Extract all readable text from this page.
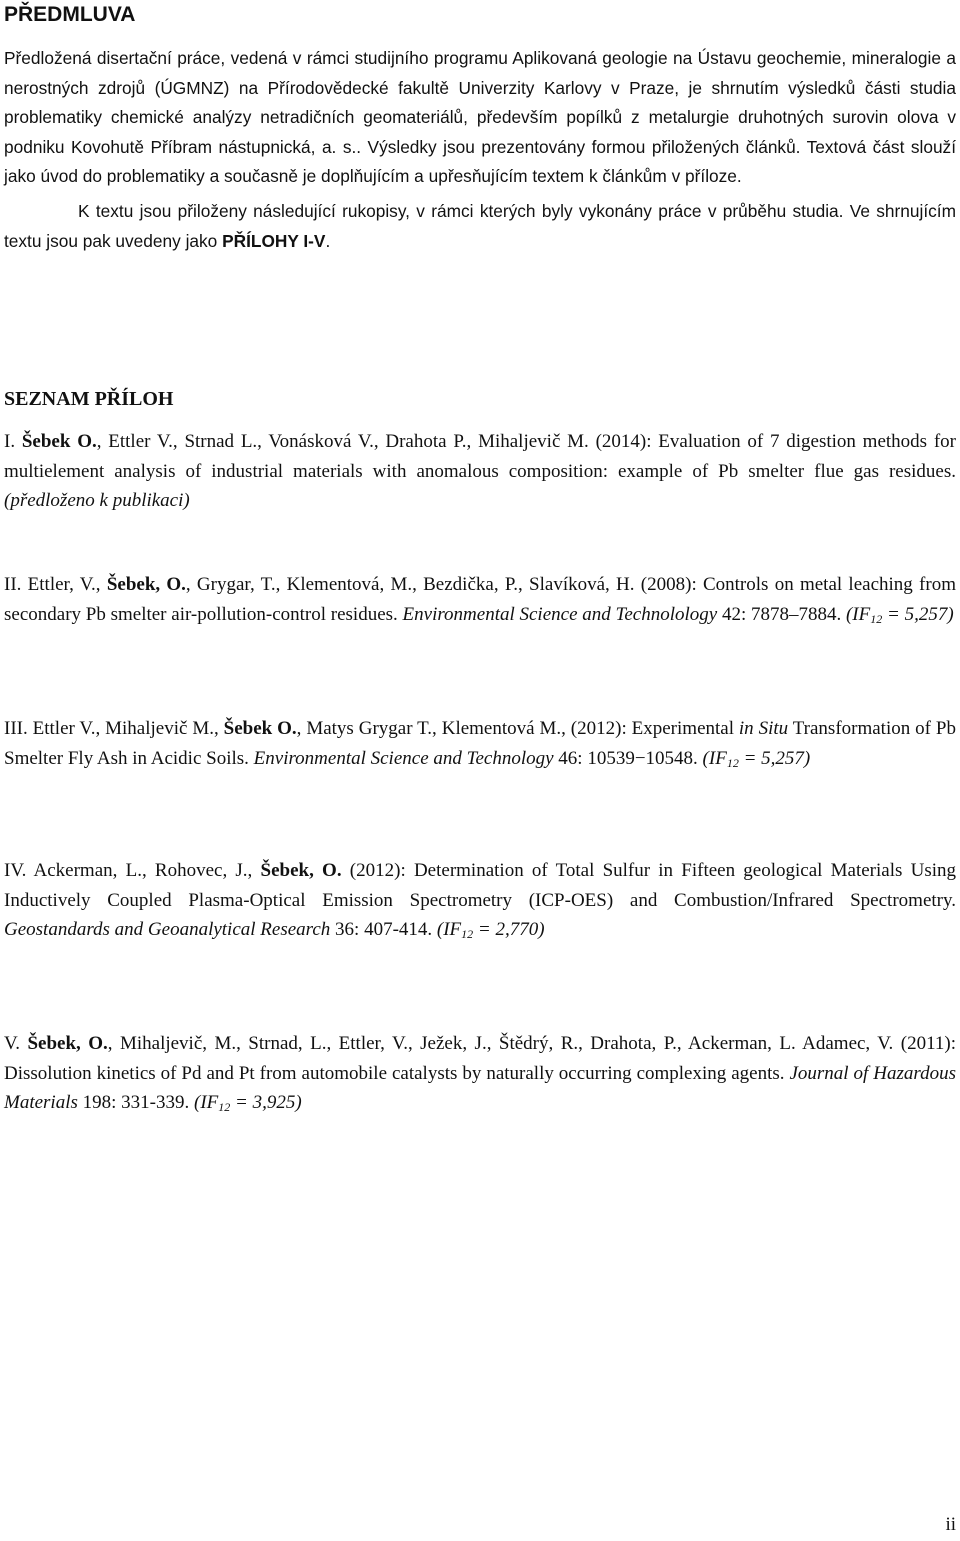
PŘEDMLUVA

Předložená disertační práce, vedená v rámci studijního programu Aplikovaná geologie na Ústavu geochemie, mineralogie a nerostných zdrojů (ÚGMNZ) na Přírodovědecké fakultě Univerzity Karlovy v Praze, je shrnutím výsledků části studia problematiky chemické analýzy netradičních geomateriálů, především popílků z metalurgie druhotných surovin olova v podniku Kovohutě Příbram nástupnická, a. s.. Výsledky jsou prezentovány formou přiložených článků. Textová část slouží jako úvod do problematiky a současně je doplňujícím a upřesňujícím textem k článkům v příloze.

K textu jsou přiloženy následující rukopisy, v rámci kterých byly vykonány práce v průběhu studia. Ve shrnujícím textu jsou pak uvedeny jako PŘÍLOHY I-V.

SEZNAM PŘÍLOH
I. Šebek O., Ettler V., Strnad L., Vonásková V., Drahota P., Mihaljevič M. (2014): Evaluation of 7 digestion methods for multielement analysis of industrial materials with anomalous composition: example of Pb smelter flue gas residues. (předloženo k publikaci)
II. Ettler, V., Šebek, O., Grygar, T., Klementová, M., Bezdička, P., Slavíková, H. (2008): Controls on metal leaching from secondary Pb smelter air-pollution-control residues. Environmental Science and Technolology 42: 7878–7884. $(IF_{12} = 5,257)$
III. Ettler V., Mihaljevič M., Šebek O., Matys Grygar T., Klementová M., (2012): Experimental in Situ Transformation of Pb Smelter Fly Ash in Acidic Soils. Environmental Science and Technology 46: 10539−10548. $(IF_{12} = 5,257)$
IV. Ackerman, L., Rohovec, J., Šebek, O. (2012): Determination of Total Sulfur in Fifteen geological Materials Using Inductively Coupled Plasma-Optical Emission Spectrometry (ICP-OES) and Combustion/Infrared Spectrometry. Geostandards and Geoanalytical Research 36: 407-414. $(IF_{12} = 2,770)$
V. Šebek, O., Mihaljevič, M., Strnad, L., Ettler, V., Ježek, J., Štědrý, R., Drahota, P., Ackerman, L. Adamec, V. (2011): Dissolution kinetics of Pd and Pt from automobile catalysts by naturally occurring complexing agents. Journal of Hazardous Materials 198: 331-339. $(IF_{12} = 3,925)$
ii
